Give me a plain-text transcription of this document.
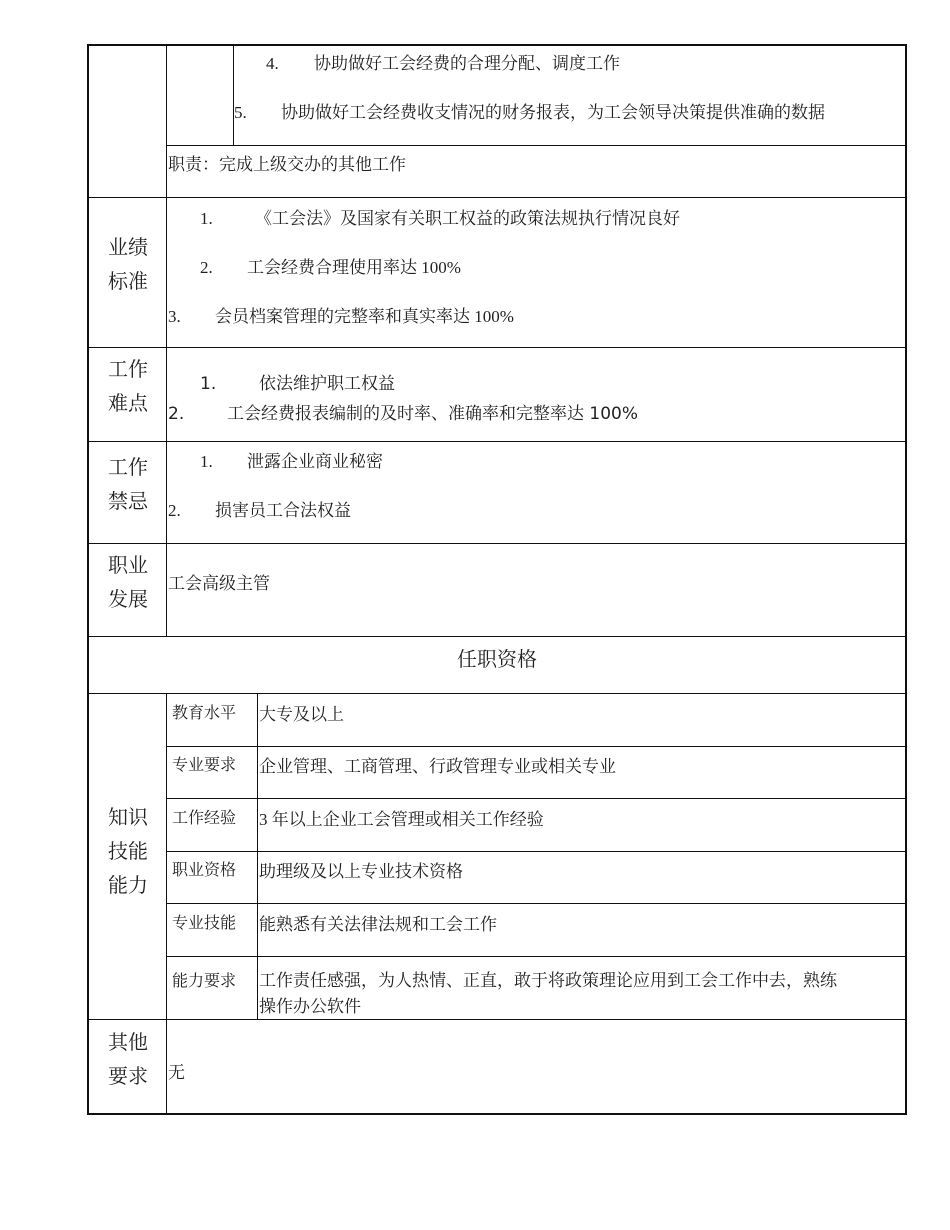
4. 协助做好工会经费的合理分配、调度工作
5. 协助做好工会经费收支情况的财务报表，为工会领导决策提供准确的数据
职责：完成上级交办的其他工作
业绩
标准
1. 《工会法》及国家有关职工权益的政策法规执行情况良好
2. 工会经费合理使用率达 100%
3. 会员档案管理的完整率和真实率达 100%
工作
难点
1.	依法维护职工权益
2.	工会经费报表编制的及时率、准确率和完整率达 100%
工作
禁忌
1. 泄露企业商业秘密
2. 损害员工合法权益
职业
发展
工会高级主管
任职资格
知识
技能
能力
教育水平 大专及以上
专业要求 企业管理、工商管理、行政管理专业或相关专业
工作经验 3 年以上企业工会管理或相关工作经验
职业资格 助理级及以上专业技术资格
专业技能 能熟悉有关法律法规和工会工作
能力要求 工作责任感强，为人热情、正直，敢于将政策理论应用到工会工作中去，熟练
操作办公软件
其他
要求	无
